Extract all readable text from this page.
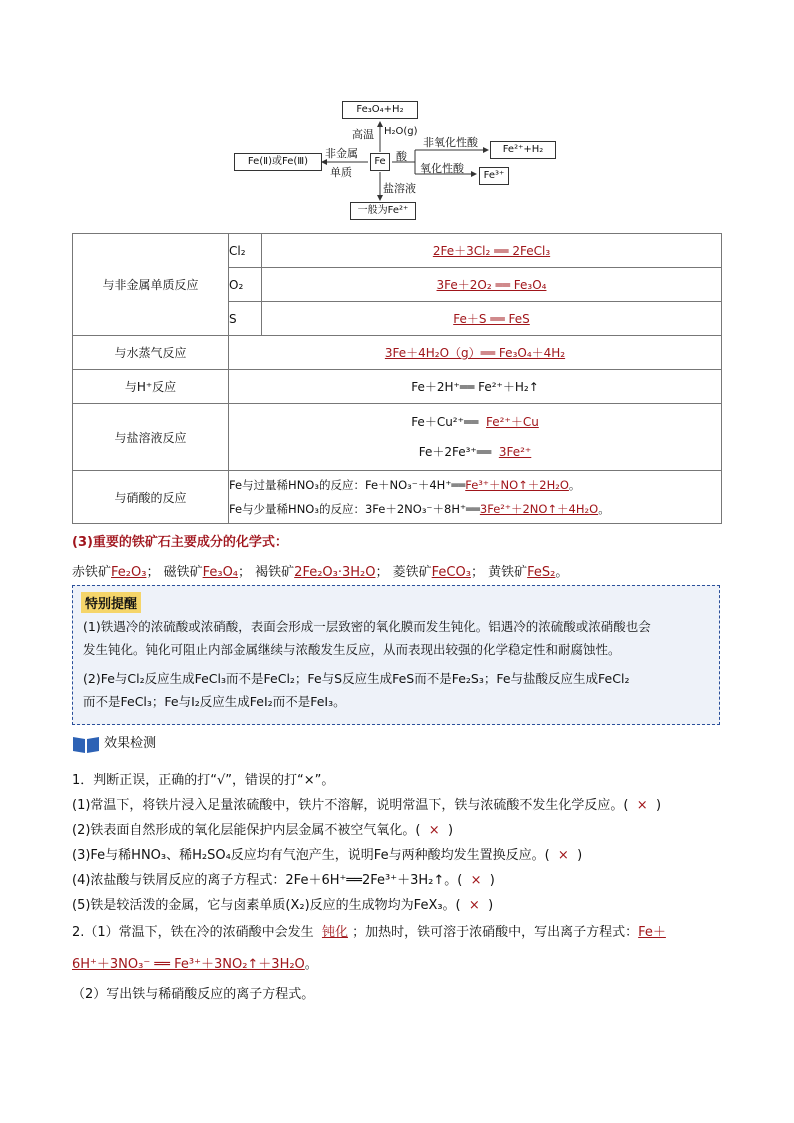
Fe₃O₄+H₂
Fe(Ⅱ)或Fe(Ⅲ)	Fe
Fe²⁺+H₂
Fe³⁺
一般为Fe²⁺
高温 H₂O(g)
非金属
单质
酸
非氧化性酸
氧化性酸
盐溶液
与非金属单质反应	Cl₂	2Fe＋3Cl₂ ══ 2FeCl₃
	O₂	3Fe＋2O₂ ══ Fe₃O₄
	S	Fe＋S ══ FeS
与水蒸气反应	3Fe＋4H₂O（g）══ Fe₃O₄＋4H₂	
与H⁺反应	Fe＋2H⁺══ Fe²⁺＋H₂↑	
与盐溶液反应	Fe＋Cu²⁺══ Fe²⁺＋Cu
Fe＋2Fe³⁺══ 3Fe²⁺	

与硝酸的反应	Fe与过量稀HNO₃的反应：Fe＋NO₃⁻＋4H⁺══Fe³⁺＋NO↑＋2H₂O。
Fe与少量稀HNO₃的反应：3Fe＋2NO₃⁻＋8H⁺══3Fe²⁺＋2NO↑＋4H₂O。	
(3)重要的铁矿石主要成分的化学式：
赤铁矿Fe₂O₃； 磁铁矿Fe₃O₄； 褐铁矿2Fe₂O₃·3H₂O； 菱铁矿FeCO₃； 黄铁矿FeS₂。
特别提醒

(1)铁遇冷的浓硫酸或浓硝酸，表面会形成一层致密的氧化膜而发生钝化。铝遇冷的浓硫酸或浓硝酸也会

发生钝化。钝化可阻止内部金属继续与浓酸发生反应，从而表现出较强的化学稳定性和耐腐蚀性。

(2)Fe与Cl₂反应生成FeCl₃而不是FeCl₂；Fe与S反应生成FeS而不是Fe₂S₃；Fe与盐酸反应生成FeCl₂

而不是FeCl₃；Fe与I₂反应生成FeI₂而不是FeI₃。

效果检测
1．判断正误，正确的打“√”，错误的打“×”。
(1)常温下，将铁片浸入足量浓硫酸中，铁片不溶解，说明常温下，铁与浓硫酸不发生化学反应。( × )
(2)铁表面自然形成的氧化层能保护内层金属不被空气氧化。( × )
(3)Fe与稀HNO₃、稀H₂SO₄反应均有气泡产生，说明Fe与两种酸均发生置换反应。( × )
(4)浓盐酸与铁屑反应的离子方程式：2Fe＋6H⁺══2Fe³⁺＋3H₂↑。( × )
(5)铁是较活泼的金属，它与卤素单质(X₂)反应的生成物均为FeX₃。( × )
2.（1）常温下，铁在冷的浓硝酸中会发生 钝化 ；加热时，铁可溶于浓硝酸中，写出离子方程式：Fe＋
6H⁺＋3NO₃⁻ ══ Fe³⁺＋3NO₂↑＋3H₂O。
（2）写出铁与稀硝酸反应的离子方程式。
